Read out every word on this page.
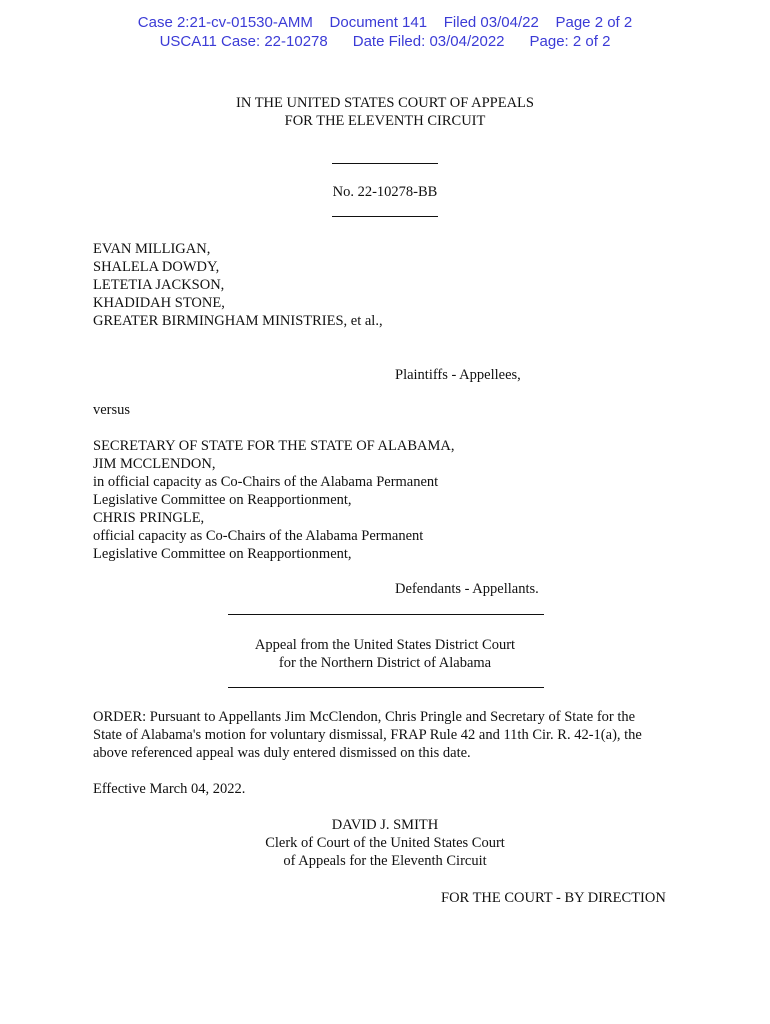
Case 2:21-cv-01530-AMM    Document 141    Filed 03/04/22    Page 2 of 2
USCA11 Case: 22-10278      Date Filed: 03/04/2022      Page: 2 of 2
IN THE UNITED STATES COURT OF APPEALS
FOR THE ELEVENTH CIRCUIT
No. 22-10278-BB
EVAN MILLIGAN,
SHALELA DOWDY,
LETETIA JACKSON,
KHADIDAH STONE,
GREATER BIRMINGHAM MINISTRIES, et al.,
Plaintiffs - Appellees,
versus
SECRETARY OF STATE FOR THE STATE OF ALABAMA,
JIM MCCLENDON,
in official capacity as Co-Chairs of the Alabama Permanent
Legislative Committee on Reapportionment,
CHRIS PRINGLE,
official capacity as Co-Chairs of the Alabama Permanent
Legislative Committee on Reapportionment,
Defendants - Appellants.
Appeal from the United States District Court
for the Northern District of Alabama
ORDER: Pursuant to Appellants Jim McClendon, Chris Pringle and Secretary of State for the
State of Alabama's motion for voluntary dismissal, FRAP Rule 42 and 11th Cir. R. 42-1(a), the
above referenced appeal was duly entered dismissed on this date.
Effective March 04, 2022.
DAVID J. SMITH
Clerk of Court of the United States Court
of Appeals for the Eleventh Circuit
FOR THE COURT - BY DIRECTION
